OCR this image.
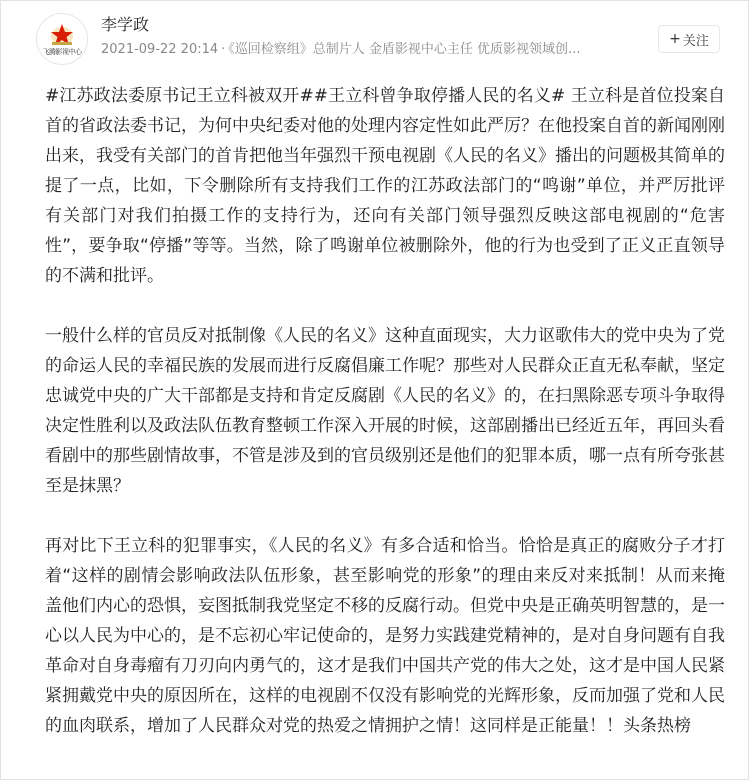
飞腾影视中心
李学政
2021-09-22 20:14 · 《巡回检察组》总制片人 金盾影视中心主任 优质影视领域创...
+ 关注

#江苏政法委原书记王立科被双开##王立科曾争取停播人民的名义# 王立科是首位投案自首的省政法委书记，为何中央纪委对他的处理内容定性如此严厉？在他投案自首的新闻刚刚出来，我受有关部门的首肯把他当年强烈干预电视剧《人民的名义》播出的问题极其简单的提了一点，比如，下令删除所有支持我们工作的江苏政法部门的“鸣谢”单位，并严厉批评有关部门对我们拍摄工作的支持行为，还向有关部门领导强烈反映这部电视剧的“危害性”，要争取“停播”等等。当然，除了鸣谢单位被删除外，他的行为也受到了正义正直领导的不满和批评。

一般什么样的官员反对抵制像《人民的名义》这种直面现实，大力讴歌伟大的党中央为了党的命运人民的幸福民族的发展而进行反腐倡廉工作呢？那些对人民群众正直无私奉献，坚定忠诚党中央的广大干部都是支持和肯定反腐剧《人民的名义》的，在扫黑除恶专项斗争取得决定性胜利以及政法队伍教育整顿工作深入开展的时候，这部剧播出已经近五年，再回头看看剧中的那些剧情故事，不管是涉及到的官员级别还是他们的犯罪本质，哪一点有所夸张甚至是抹黑？

再对比下王立科的犯罪事实，《人民的名义》有多合适和恰当。恰恰是真正的腐败分子才打着“这样的剧情会影响政法队伍形象，甚至影响党的形象”的理由来反对来抵制！从而来掩盖他们内心的恐惧，妄图抵制我党坚定不移的反腐行动。但党中央是正确英明智慧的，是一心以人民为中心的，是不忘初心牢记使命的，是努力实践建党精神的，是对自身问题有自我革命对自身毒瘤有刀刃向内勇气的，这才是我们中国共产党的伟大之处，这才是中国人民紧紧拥戴党中央的原因所在，这样的电视剧不仅没有影响党的光辉形象，反而加强了党和人民的血肉联系，增加了人民群众对党的热爱之情拥护之情！这同样是正能量！！头条热榜
